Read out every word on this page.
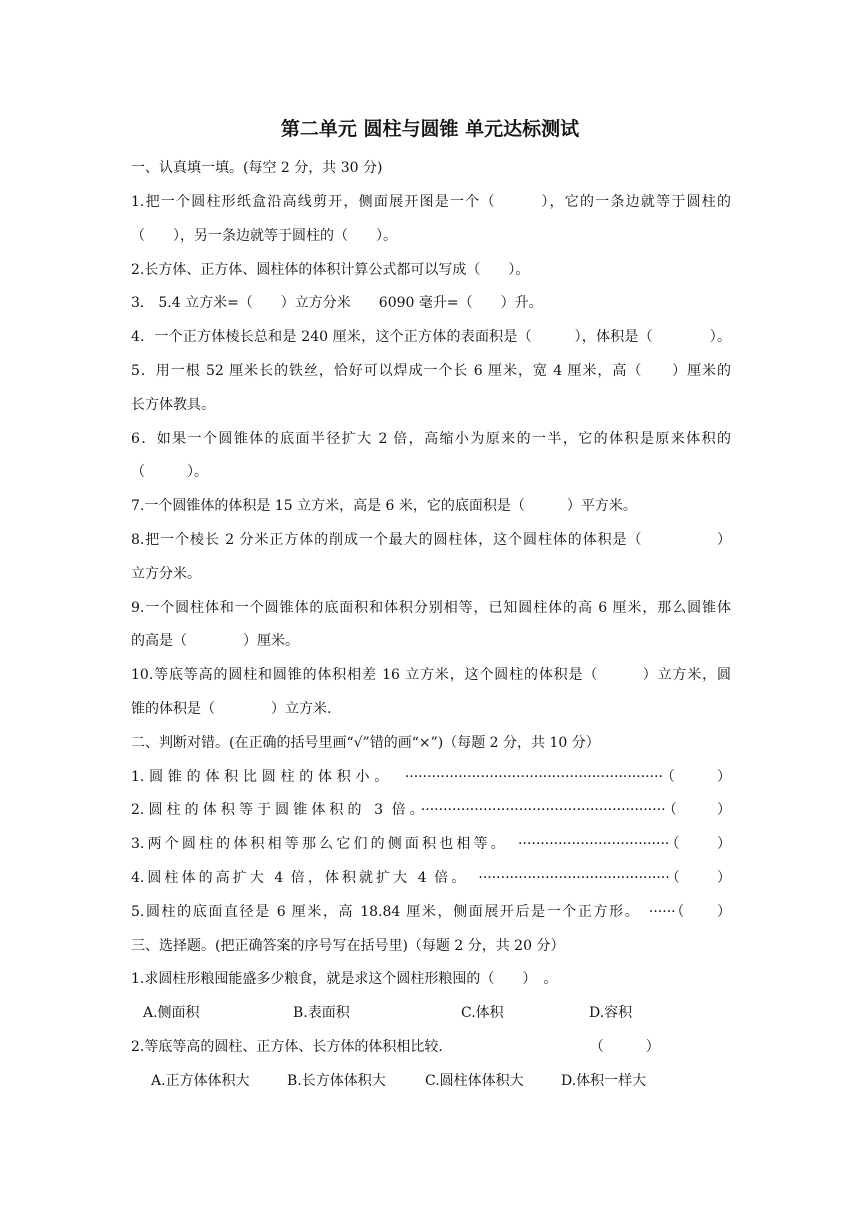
第二单元 圆柱与圆锥 单元达标测试

一、认真填一填。(每空 2 分，共 30 分)

1.把一个圆柱形纸盒沿高线剪开，侧面展开图是一个（　　　），它的一条边就等于圆柱的

（　　），另一条边就等于圆柱的（　　）。

2.长方体、正方体、圆柱体的体积计算公式都可以写成（　　）。

3.　5.4 立方米=（　　）立方分米　　6090 毫升=（　　）升。

4．一个正方体棱长总和是 240 厘米，这个正方体的表面积是（　　　），体积是（　　　　）。

5．用一根 52 厘米长的铁丝，恰好可以焊成一个长 6 厘米，宽 4 厘米，高（　　）厘米的

长方体教具。

6．如果一个圆锥体的底面半径扩大 2 倍，高缩小为原来的一半，它的体积是原来体积的

（　　　）。

7.一个圆锥体的体积是 15 立方米，高是 6 米，它的底面积是（　　　）平方米。

8.把一个棱长 2 分米正方体的削成一个最大的圆柱体，这个圆柱体的体积是（　　　　　）

立方分米。

9.一个圆柱体和一个圆锥体的底面积和体积分别相等，已知圆柱体的高 6 厘米，那么圆锥体

的高是（　　　　）厘米。

10.等底等高的圆柱和圆锥的体积相差 16 立方米，这个圆柱的体积是（　　　）立方米，圆

锥的体积是（　　　　）立方米.

二、判断对错。(在正确的括号里画“√”错的画“×”)（每题 2 分，共 10 分）

1.圆锥的体积比圆柱的体积小。　··························································（　　）

2.圆柱的体积等于圆锥体积的 3 倍。·······················································（　　）

3.两个圆柱的体积相等那么它们的侧面积也相等。　··································（　　）

4.圆柱体的高扩大 4 倍，体积就扩大 4 倍。　···········································（　　）

5.圆柱的底面直径是 6 厘米，高 18.84 厘米，侧面展开后是一个正方形。　······（　　）

三、选择题。(把正确答案的序号写在括号里)（每题 2 分，共 20 分）

1.求圆柱形粮囤能盛多少粮食，就是求这个圆柱形粮囤的（　　）　。

A.侧面积	B.表面积	C.体积	D.容积

2.等底等高的圆柱、正方体、长方体的体积相比较.　　　　　　　　　　　（　　　）

A.正方体体积大	B.长方体体积大	C.圆柱体体积大	D.体积一样大
